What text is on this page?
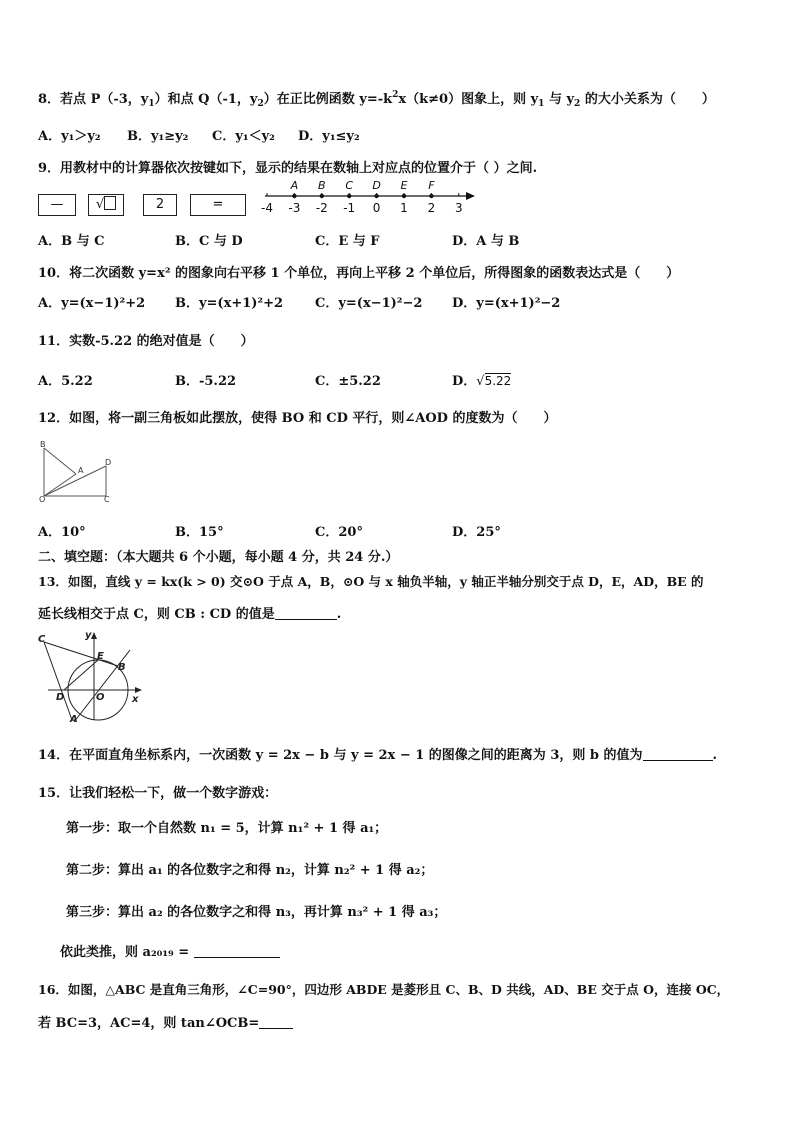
8．若点 P（-3，$y_1$）和点 Q（-1，$y_2$）在正比例函数 $y=-k^2x(k\ne 0)$图象上，则 $y_1$ 与 $y_2$ 的大小关系为（　　）
A．y₁＞y₂ B．y₁≥y₂ C．y₁＜y₂ D．y₁≤y₂
9．用教材中的计算器依次按键如下，显示的结果在数轴上对应点的位置介于（ ）之间.
—	√	2	=	-4 -3 -2 -1 0 1 2 3
A B C D E F
A．B 与 C	B．C 与 D	C．E 与 F	D．A 与 B
10．将二次函数 y=x² 的图象向右平移 1 个单位，再向上平移 2 个单位后，所得图象的函数表达式是（　　）
A．y=(x−1)²+2 B．y=(x+1)²+2 C．y=(x−1)²−2 D．y=(x+1)²−2
11．实数-5.22 的绝对值是（　　）
A．5.22	B．-5.22	C．±5.22	D．√5.22
12．如图，将一副三角板如此摆放，使得 BO 和 CD 平行，则∠AOD 的度数为（　　）
B
A
D
O	C
A．10°	B．15°	C．20°	D．25°
二、填空题：（本大题共 6 个小题，每小题 4 分，共 24 分.）
13．如图，直线 y = kx(k > 0) 交⊙O 于点 A，B，⊙O 与 x 轴负半轴，y 轴正半轴分别交于点 D，E，AD，BE 的
延长线相交于点 C，则 CB : CD 的值是	.
C	y
E
B
D	O	x
A
14．在平面直角坐标系内，一次函数 y = 2x − b 与 y = 2x − 1 的图像之间的距离为 3，则 b 的值为	.
15．让我们轻松一下，做一个数字游戏：
第一步：取一个自然数 n₁ = 5，计算 n₁² + 1 得 a₁；
第二步：算出 a₁ 的各位数字之和得 n₂，计算 n₂² + 1 得 a₂；
第三步：算出 a₂ 的各位数字之和得 n₃，再计算 n₃² + 1 得 a₃；
依此类推，则 a₂₀₁₉ =
16．如图，△ABC 是直角三角形，∠C=90°，四边形 ABDE 是菱形且 C、B、D 共线，AD、BE 交于点 O，连接 OC，
若 BC=3，AC=4，则 tan∠OCB=
